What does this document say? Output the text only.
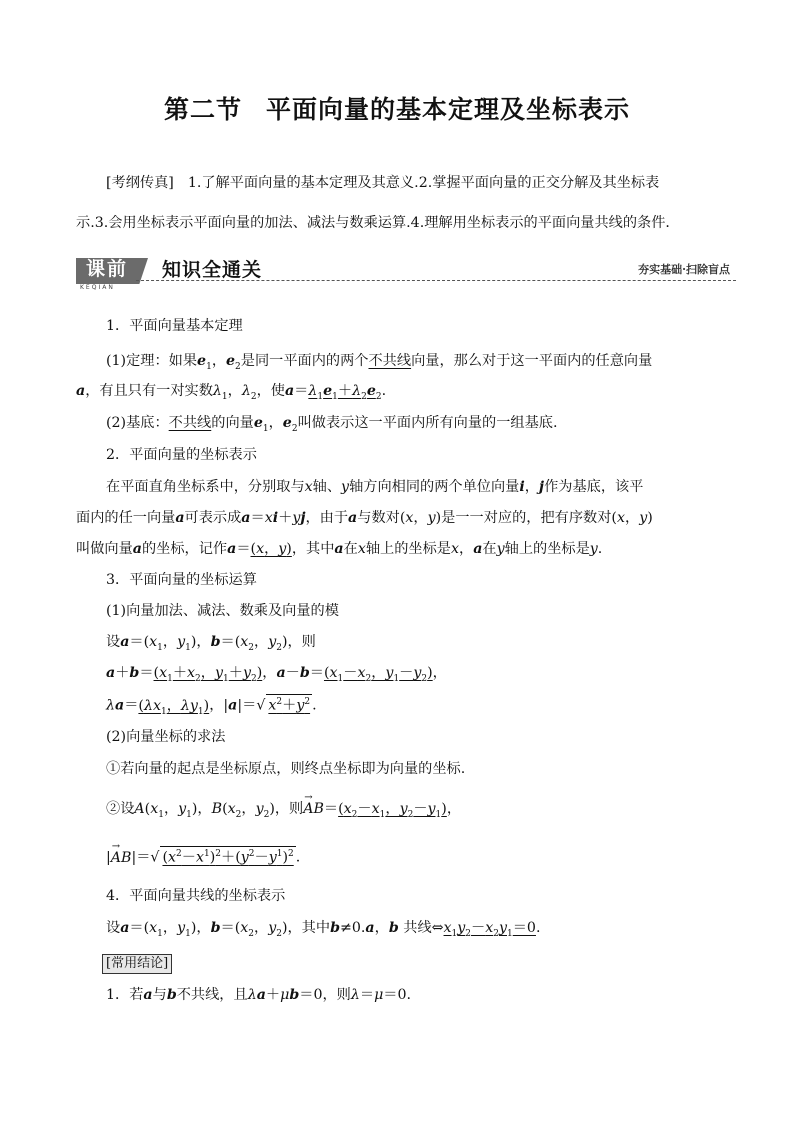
第二节 平面向量的基本定理及坐标表示
[考纲传真] 1.了解平面向量的基本定理及其意义.2.掌握平面向量的正交分解及其坐标表
示.3.会用坐标表示平面向量的加法、减法与数乘运算.4.理解用坐标表示的平面向量共线的条件．
课前
KEQIAN
知识全通关	夯实基础·扫除盲点
1．平面向量基本定理
(1)定理：如果$e_1$，$e_2$是同一平面内的两个不共线向量，那么对于这一平面内的任意向量
a，有且只有一对实数$\lambda_1$，$\lambda_2$，使$a=\lambda_1e_1+\lambda_2e_2$.
(2)基底：不共线的向量$e_1$，$e_2$叫做表示这一平面内所有向量的一组基底.
2．平面向量的坐标表示
在平面直角坐标系中，分别取与x轴、y轴方向相同的两个单位向量i，j作为基底，该平
面内的任一向量a可表示成a＝xi＋yj，由于a与数对(x，y)是一一对应的，把有序数对(x，y)
叫做向量a的坐标，记作a＝(x，y)，其中a在x轴上的坐标是x，a在y轴上的坐标是y.
3．平面向量的坐标运算
(1)向量加法、减法、数乘及向量的模
设$a=(x_1$，$y_1$)，$b=(x_2$，$y_2$)，则
$a+b=(x_1+x_2$，$y_1+y_2$)，$a-b=(x_1-x_2$，$y_1-y_2$)，
$\lambda a=(\lambda x_1$，$\lambda y_1$)，|a|＝√ $x^2+y^2$ .
(2)向量坐标的求法
①若向量的起点是坐标原点，则终点坐标即为向量的坐标.
②设$A(x_1$，$y_1$)，$B(x_2$，$y_2$)，则→ $AB=(x_2-x_1$，$y_2-y_1$)，
|→ AB|＝√ $(x^2-x^1)^2+(y^2-y^1)^2$ .
4．平面向量共线的坐标表示
设$a=(x_1$，$y_1$)，$b=(x_2$，$y_2$)，其中b≠0.a，b 共线$\Leftrightarrow x_1y_2-x_2y_1=0$.
[常用结论]
1．若a与b不共线，且λa＋μb＝0，则λ＝μ＝0.
